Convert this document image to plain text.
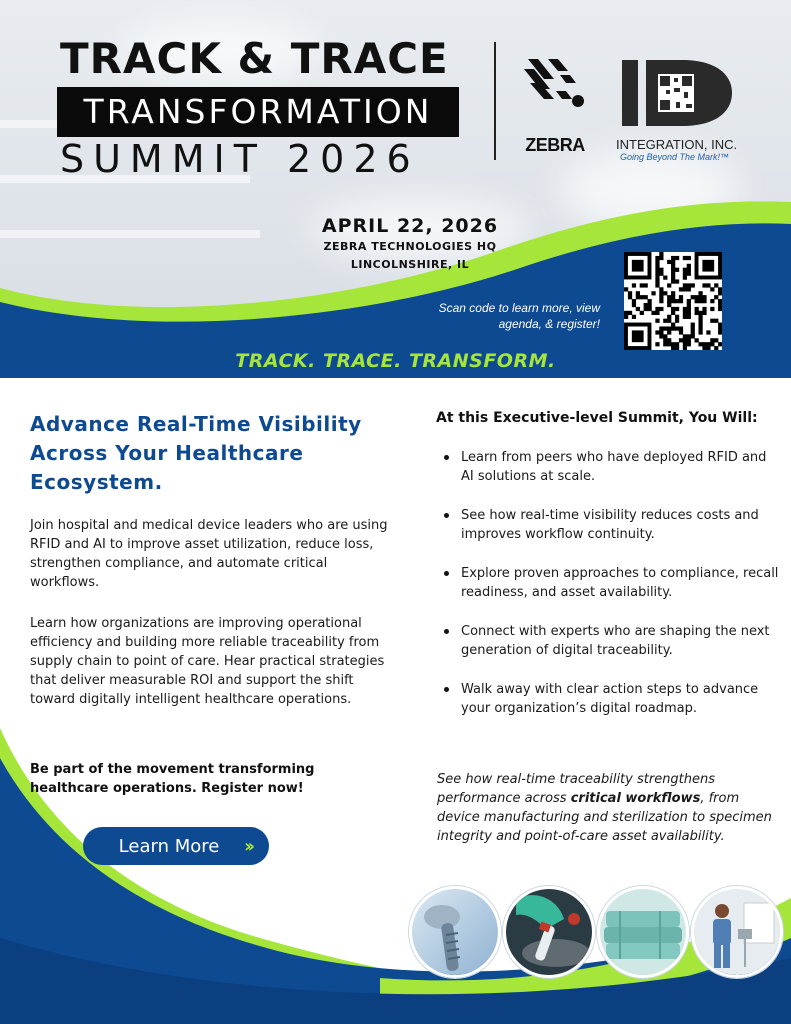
TRACK & TRACE
TRANSFORMATION
SUMMIT 2026	ZEBRA	INTEGRATION, INC.
Going Beyond The Mark!™
APRIL 22, 2026
ZEBRA TECHNOLOGIES HQ
LINCOLNSHIRE, IL
Scan code to learn more, view agenda, & register!
TRACK. TRACE. TRANSFORM.
Advance Real-Time Visibility Across Your Healthcare Ecosystem.
Join hospital and medical device leaders who are using RFID and AI to improve asset utilization, reduce loss, strengthen compliance, and automate critical workflows.
Learn how organizations are improving operational efficiency and building more reliable traceability from supply chain to point of care. Hear practical strategies that deliver measurable ROI and support the shift toward digitally intelligent healthcare operations.
Be part of the movement transforming healthcare operations. Register now!
Learn More ››
At this Executive-level Summit, You Will:
Learn from peers who have deployed RFID and AI solutions at scale.
See how real-time visibility reduces costs and improves workflow continuity.
Explore proven approaches to compliance, recall readiness, and asset availability.
Connect with experts who are shaping the next generation of digital traceability.
Walk away with clear action steps to advance your organization’s digital roadmap.
See how real-time traceability strengthens performance across critical workflows, from device manufacturing and sterilization to specimen integrity and point-of-care asset availability.
